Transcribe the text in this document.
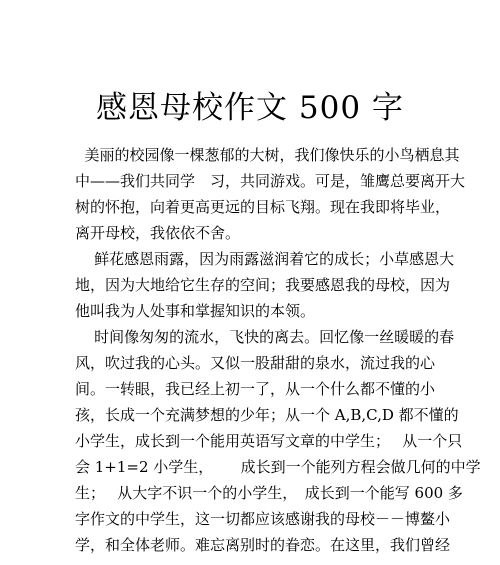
感恩母校作文 500 字

美丽的校园像一棵葱郁的大树，我们像快乐的小鸟栖息其

中——我们共同学　习，共同游戏。可是，雏鹰总要离开大

树的怀抱，向着更高更远的目标飞翔。现在我即将毕业，

离开母校，我依依不舍。

鲜花感恩雨露，因为雨露滋润着它的成长；小草感恩大

地，因为大地给它生存的空间；我要感恩我的母校，因为

他叫我为人处事和掌握知识的本领。

时间像匆匆的流水，飞快的离去。回忆像一丝暖暖的春

风，吹过我的心头。又似一股甜甜的泉水，流过我的心

间。一转眼，我已经上初一了，从一个什么都不懂的小

孩，长成一个充满梦想的少年；从一个 A,B,C,D 都不懂的

小学生，成长到一个能用英语写文章的中学生；　 从一个只

会 1+1=2 小学生，　　 成长到一个能列方程会做几何的中学

生；　 从大字不识一个的小学生，　成长到一个能写 600 多

字作文的中学生，这一切都应该感谢我的母校－－博鳌小

学，和全体老师。难忘离别时的眷恋。在这里，我们曾经
